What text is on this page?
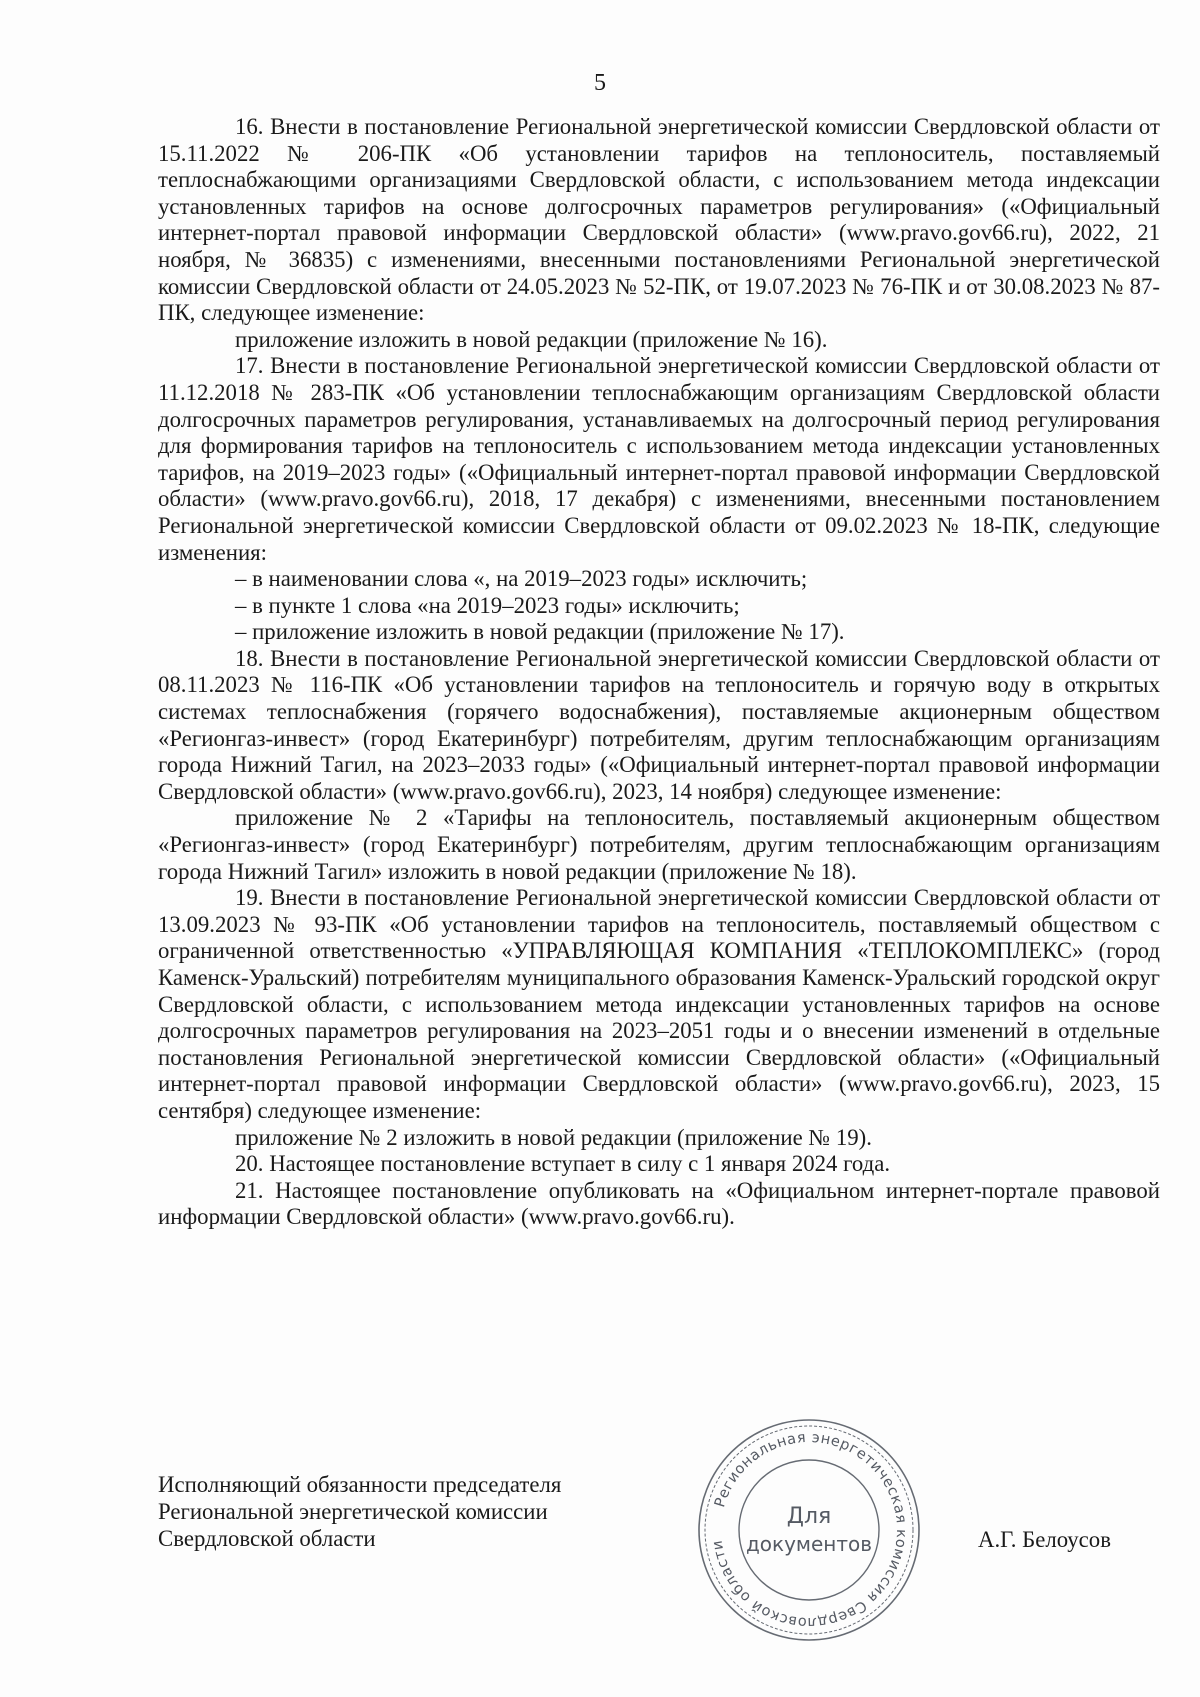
5

16. Внести в постановление Региональной энергетической комиссии Свердловской области от 15.11.2022 № 206-ПК «Об установлении тарифов на теплоноситель, поставляемый теплоснабжающими организациями Свердловской области, с использованием метода индексации установленных тарифов на основе долгосрочных параметров регулирования» («Официальный интернет-портал правовой информации Свердловской области» (www.pravo.gov66.ru), 2022, 21 ноября, № 36835) с изменениями, внесенными постановлениями Региональной энергетической комиссии Свердловской области от 24.05.2023 № 52-ПК, от 19.07.2023 № 76-ПК и от 30.08.2023 № 87-ПК, следующее изменение:

приложение изложить в новой редакции (приложение № 16).

17. Внести в постановление Региональной энергетической комиссии Свердловской области от 11.12.2018 № 283-ПК «Об установлении теплоснабжающим организациям Свердловской области долгосрочных параметров регулирования, устанавливаемых на долгосрочный период регулирования для формирования тарифов на теплоноситель с использованием метода индексации установленных тарифов, на 2019–2023 годы» («Официальный интернет-портал правовой информации Свердловской области» (www.pravo.gov66.ru), 2018, 17 декабря) с изменениями, внесенными постановлением Региональной энергетической комиссии Свердловской области от 09.02.2023 № 18-ПК, следующие изменения:

– в наименовании слова «, на 2019–2023 годы» исключить;

– в пункте 1 слова «на 2019–2023 годы» исключить;

– приложение изложить в новой редакции (приложение № 17).

18. Внести в постановление Региональной энергетической комиссии Свердловской области от 08.11.2023 № 116-ПК «Об установлении тарифов на теплоноситель и горячую воду в открытых системах теплоснабжения (горячего водоснабжения), поставляемые акционерным обществом «Регионгаз-инвест» (город Екатеринбург) потребителям, другим теплоснабжающим организациям города Нижний Тагил, на 2023–2033 годы» («Официальный интернет-портал правовой информации Свердловской области» (www.pravo.gov66.ru), 2023, 14 ноября) следующее изменение:

приложение № 2 «Тарифы на теплоноситель, поставляемый акционерным обществом «Регионгаз-инвест» (город Екатеринбург) потребителям, другим теплоснабжающим организациям города Нижний Тагил» изложить в новой редакции (приложение № 18).

19. Внести в постановление Региональной энергетической комиссии Свердловской области от 13.09.2023 № 93-ПК «Об установлении тарифов на теплоноситель, поставляемый обществом с ограниченной ответственностью «УПРАВЛЯЮЩАЯ КОМПАНИЯ «ТЕПЛОКОМПЛЕКС» (город Каменск-Уральский) потребителям муниципального образования Каменск-Уральский городской округ Свердловской области, с использованием метода индексации установленных тарифов на основе долгосрочных параметров регулирования на 2023–2051 годы и о внесении изменений в отдельные постановления Региональной энергетической комиссии Свердловской области» («Официальный интернет-портал правовой информации Свердловской области» (www.pravo.gov66.ru), 2023, 15 сентября) следующее изменение:

приложение № 2 изложить в новой редакции (приложение № 19).

20. Настоящее постановление вступает в силу с 1 января 2024 года.

21. Настоящее постановление опубликовать на «Официальном интернет-портале правовой информации Свердловской области» (www.pravo.gov66.ru).

Исполняющий обязанности председателя
Региональной энергетической комиссии
Свердловской области
Региональная энергетическая комиссия Свердловской области
Для
документов	А.Г. Белоусов
